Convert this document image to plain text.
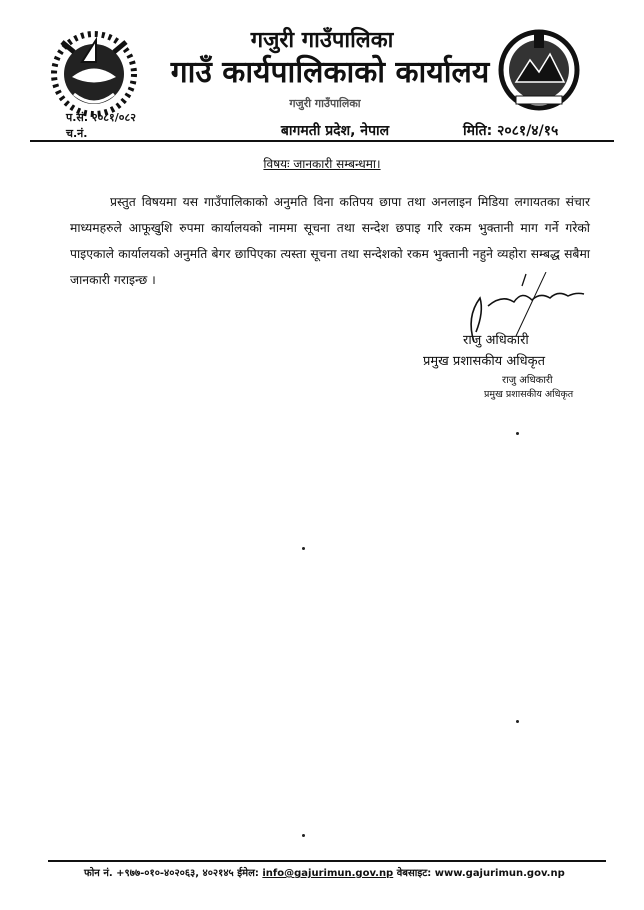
गजुरी गाउँपालिका
गाउँ कार्यपालिकाको कार्यालय
गजुरी गाउँपालिका
प.सं. २०८१/०८२
च.नं.	बागमती प्रदेश, नेपाल	मिति: २०८१/४/१५
विषयः जानकारी सम्बन्धमा।
प्रस्तुत विषयमा यस गाउँपालिकाको अनुमति विना कतिपय छापा तथा अनलाइन मिडिया लगायतका संचार माध्यमहरुले आफूखुशि रुपमा कार्यालयको नाममा सूचना तथा सन्देश छपाइ गरि रकम भुक्तानी माग गर्ने गरेको पाइएकाले कार्यालयको अनुमति बेगर छापिएका त्यस्ता सूचना तथा सन्देशको रकम भुक्तानी नहुने व्यहोरा सम्बद्ध सबैमा जानकारी गराइन्छ ।
राजु अधिकारी
प्रमुख प्रशासकीय अधिकृत
राजु अधिकारी
प्रमुख प्रशासकीय अधिकृत
फोन नं. +९७७-०१०-४०२०६३, ४०२१४५ ईमेल: info@gajurimun.gov.np वेबसाइट: www.gajurimun.gov.np
